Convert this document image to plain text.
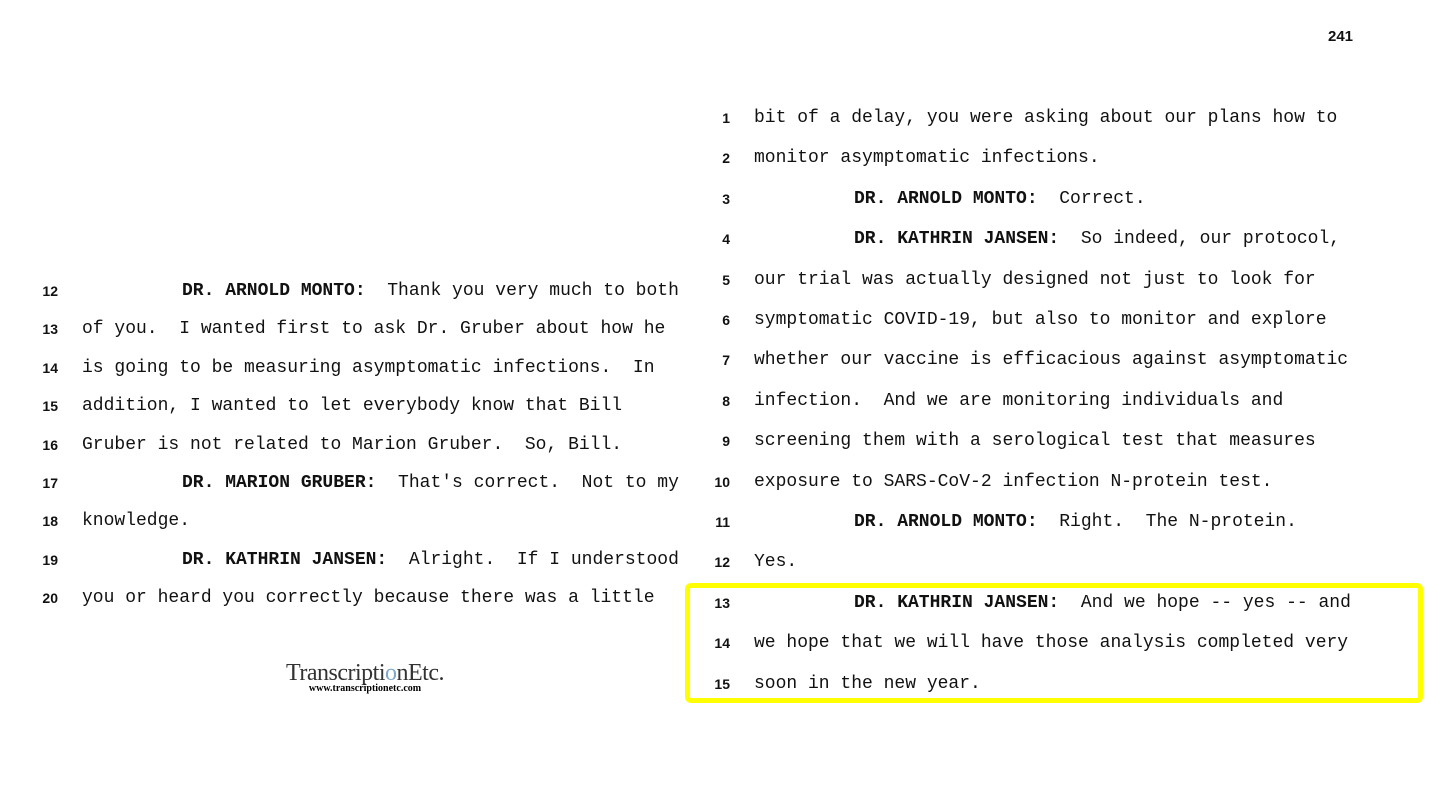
241
12	DR. ARNOLD MONTO:  Thank you very much to both
13 of you.  I wanted first to ask Dr. Gruber about how he
14 is going to be measuring asymptomatic infections.  In
15 addition, I wanted to let everybody know that Bill
16 Gruber is not related to Marion Gruber.  So, Bill.
17	DR. MARION GRUBER:  That's correct.  Not to my
18 knowledge.
19	DR. KATHRIN JANSEN:  Alright.  If I understood
20 you or heard you correctly because there was a little
1 bit of a delay, you were asking about our plans how to
2 monitor asymptomatic infections.
3	DR. ARNOLD MONTO:  Correct.
4	DR. KATHRIN JANSEN:  So indeed, our protocol,
5 our trial was actually designed not just to look for
6 symptomatic COVID-19, but also to monitor and explore
7 whether our vaccine is efficacious against asymptomatic
8 infection.  And we are monitoring individuals and
9 screening them with a serological test that measures
10 exposure to SARS-CoV-2 infection N-protein test.
11	DR. ARNOLD MONTO:  Right.  The N-protein.
12 Yes.
13	DR. KATHRIN JANSEN:  And we hope -- yes -- and
14 we hope that we will have those analysis completed very
15 soon in the new year.
TranscriptionEtc.
www.transcriptionetc.com
